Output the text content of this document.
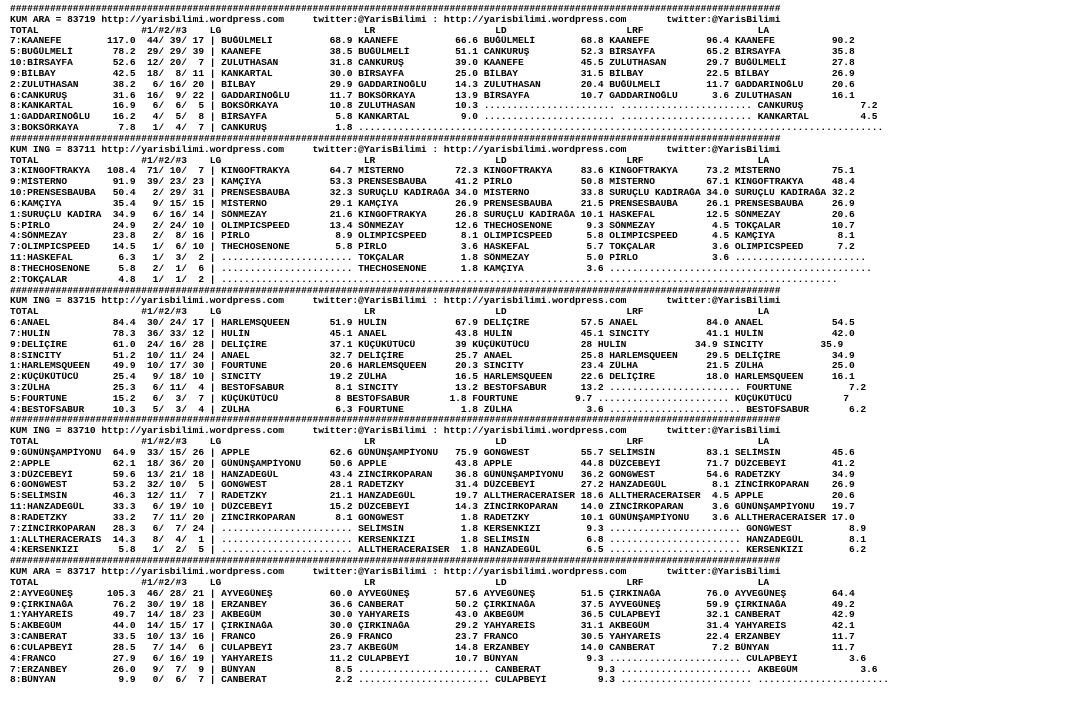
#######################################################################################################################################
KUM ARA = 83719 http://yarisbilimi.wordpress.com     twitter:@YarisBilimi : http://yarisbilimi.wordpress.com       twitter:@YarisBilimi
TOTAL                  #1/#2/#3    LG                         LR                     LD                     LRF                    LA
7:KAANEFE        117.0  44/ 39/ 17 | BUĞÜLMELİ          68.9 KAANEFE          66.6 BUĞÜLMELİ        68.8 KAANEFE          96.4 KAANEFE          90.2
5:BUĞÜLMELİ       78.2  29/ 29/ 39 | KAANEFE            38.5 BUĞÜLMELİ        51.1 CANKURUŞ         52.3 BİRSAYFA         65.2 BİRSAYFA         35.8
10:BİRSAYFA       52.6  12/ 20/  7 | ZULUTHASAN         31.8 CANKURUŞ         39.0 KAANEFE          45.5 ZULUTHASAN       29.7 BUĞÜLMELİ        27.8
9:BİLBAY          42.5  18/  8/ 11 | KANKARTAL          30.0 BİRSAYFA         25.0 BİLBAY           31.5 BİLBAY           22.5 BİLBAY           26.9
2:ZULUTHASAN      38.2   6/ 16/ 20 | BİLBAY             29.9 GADDARINOĞLU     14.3 ZULUTHASAN       20.4 BUĞÜLMELİ        11.7 GADDARINOĞLU     20.6
6:CANKURUŞ        31.6  16/  9/ 22 | GADDARINOĞLU       11.7 BOKSÖRKAYA       13.9 BİRSAYFA         10.7 GADDARINOĞLU      3.6 ZULUTHASAN       16.1
8:KANKARTAL       16.9   6/  6/  5 | BOKSÖRKAYA         10.8 ZULUTHASAN       10.3 ....................... ....................... CANKURUŞ          7.2
1:GADDARINOĞLU    16.2   4/  5/  8 | BİRSAYFA            5.8 KANKARTAL         9.0 ....................... ....................... KANKARTAL         4.5
3:BOKSÖRKAYA       7.8   1/  4/  7 | CANKURUŞ            1.8 ............................................................................................
#######################################################################################################################################
KUM ING = 83711 http://yarisbilimi.wordpress.com     twitter:@YarisBilimi : http://yarisbilimi.wordpress.com       twitter:@YarisBilimi
TOTAL                  #1/#2/#3    LG                         LR                     LD                     LRF                    LA
3:KINGOFTRAKYA   108.4  71/ 10/  7 | KINGOFTRAKYA       64.7 MİSTERNO         72.3 KINGOFTRAKYA     83.6 KINGOFTRAKYA     73.2 MİSTERNO         75.1
9:MİSTERNO        91.9  39/ 23/ 23 | KAMÇIYA            53.3 PRENSESBAUBA     41.2 PİRLO            50.8 MİSTERNO         67.1 KINGOFTRAKYA     48.4
10:PRENSESBAUBA   50.4   2/ 29/ 31 | PRENSESBAUBA       32.3 SURUÇLU KADİRAĞA 34.0 MİSTERNO         33.8 SURUÇLU KADİRAĞA 34.0 SURUÇLU KADİRAĞA 32.2
6:KAMÇIYA         35.4   9/ 15/ 15 | MİSTERNO           29.1 KAMÇIYA          26.9 PRENSESBAUBA     21.5 PRENSESBAUBA     26.1 PRENSESBAUBA     26.9
1:SURUÇLU KADİRA  34.9   6/ 16/ 14 | SÖNMEZAY           21.6 KINGOFTRAKYA     26.8 SURUÇLU KADİRAĞA 10.1 HASKEFAL         12.5 SÖNMEZAY         20.6
5:PİRLO           24.9   2/ 24/ 10 | OLIMPICSPEED       13.4 SÖNMEZAY         12.6 THECHOSENONE      9.3 SÖNMEZAY          4.5 TOKÇALAR         10.7
4:SÖNMEZAY        23.8   2/  8/ 16 | PİRLO               8.9 OLIMPICSPEED      8.1 OLIMPICSPEED      5.8 OLIMPICSPEED      4.5 KAMÇIYA           8.1
7:OLIMPICSPEED    14.5   1/  6/ 10 | THECHOSENONE        5.8 PİRLO             3.6 HASKEFAL          5.7 TOKÇALAR          3.6 OLIMPICSPEED      7.2
11:HASKEFAL        6.3   1/  3/  2 | ....................... TOKÇALAR          1.8 SÖNMEZAY          5.0 PİRLO             3.6 .......................
8:THECHOSENONE     5.8   2/  1/  6 | ....................... THECHOSENONE      1.8 KAMÇIYA           3.6 ..............................................
2:TOKÇALAR         4.8   1/  1/  2 | ............................................................................................................
#######################################################################################################################################
KUM ING = 83715 http://yarisbilimi.wordpress.com     twitter:@YarisBilimi : http://yarisbilimi.wordpress.com       twitter:@YarisBilimi
TOTAL                  #1/#2/#3    LG                         LR                     LD                     LRF                    LA
6:ANAEL           84.4  30/ 24/ 17 | HARLEMSQUEEN       51.9 HULİN            67.9 DELİÇİRE         57.5 ANAEL            84.0 ANAEL            54.5
7:HULİN           78.3  36/ 33/ 12 | HULİN              45.1 ANAEL            43.8 HULİN            45.1 SINCITY          41.1 HULİN            42.0
9:DELİÇİRE        61.0  24/ 16/ 28 | DELİÇİRE           37.1 KÜÇÜKÜTÜCÜ       39 KÜÇÜKÜTÜCÜ         28 HULİN            34.9 SINCITY          35.9
8:SINCITY         51.2  10/ 11/ 24 | ANAEL              32.7 DELİÇİRE         25.7 ANAEL            25.8 HARLEMSQUEEN     29.5 DELİÇİRE         34.9
1:HARLEMSQUEEN    49.9  10/ 17/ 30 | FOURTUNE           20.6 HARLEMSQUEEN     20.3 SINCITY          23.4 ZÜLHA            21.5 ZÜLHA            25.0
2:KÜÇÜKÜTÜCÜ      25.4   9/ 18/ 10 | SINCITY            19.2 ZÜLHA            16.5 HARLEMSQUEEN     22.6 DELİÇİRE         18.0 HARLEMSQUEEN     16.1
3:ZÜLHA           25.3   6/ 11/  4 | BESTOFSABUR         8.1 SINCITY          13.2 BESTOFSABUR      13.2 ....................... FOURTUNE          7.2
5:FOURTUNE        15.2   6/  3/  7 | KÜÇÜKÜTÜCÜ          8 BESTOFSABUR       1.8 FOURTUNE          9.7 ....................... KÜÇÜKÜTÜCÜ         7
4:BESTOFSABUR     10.3   5/  3/  4 | ZÜLHA               6.3 FOURTUNE          1.8 ZÜLHA             3.6 ....................... BESTOFSABUR       6.2
#######################################################################################################################################
KUM ING = 83710 http://yarisbilimi.wordpress.com     twitter:@YarisBilimi : http://yarisbilimi.wordpress.com       twitter:@YarisBilimi
TOTAL                  #1/#2/#3    LG                         LR                     LD                     LRF                    LA
9:GÜNÜNŞAMPİYONU  64.9  33/ 15/ 26 | APPLE              62.6 GÜNÜNŞAMPİYONU   75.9 GONGWEST         55.7 SELİMSİN         83.1 SELİMSİN         45.6
2:APPLE           62.1  18/ 36/ 20 | GÜNÜNŞAMPİYONU     50.6 APPLE            43.8 APPLE            44.8 DÜZCEBEYİ        71.7 DÜZCEBEYİ        41.2
3:DÜZCEBEYİ       59.6  13/ 21/ 18 | HANZADEGÜL         43.4 ZİNCİRKOPARAN    36.8 GÜNÜNŞAMPİYONU   36.2 GONGWEST         54.6 RADETZKY         34.9
6:GONGWEST        53.2  32/ 10/  5 | GONGWEST           28.1 RADETZKY         31.4 DÜZCEBEYİ        27.2 HANZADEGÜL        8.1 ZİNCİRKOPARAN    26.9
5:SELİMSİN        46.3  12/ 11/  7 | RADETZKY           21.1 HANZADEGÜL       19.7 ALLTHERACERAISER 18.6 ALLTHERACERAISER  4.5 APPLE            20.6
11:HANZADEGÜL     33.3   6/ 19/ 10 | DÜZCEBEYİ          15.2 DÜZCEBEYİ        14.3 ZİNCİRKOPARAN    14.0 ZİNCİRKOPARAN     3.6 GÜNÜNŞAMPİYONU   19.7
8:RADETZKY        33.2   7/ 11/ 20 | ZİNCİRKOPARAN       8.1 GONGWEST          1.8 RADETZKY         10.1 GÜNÜNŞAMPİYONU    3.6 ALLTHERACERAISER 17.0
7:ZİNCİRKOPARAN   28.3   6/  7/ 24 | ....................... SELİMSİN          1.8 KERSENKIZI        9.3 ....................... GONGWEST          8.9
1:ALLTHERACERAIS  14.3   8/  4/  1 | ....................... KERSENKIZI        1.8 SELİMSİN          6.8 ....................... HANZADEGÜL        8.1
4:KERSENKIZI       5.8   1/  2/  5 | ....................... ALLTHERACERAISER  1.8 HANZADEGÜL        6.5 ....................... KERSENKIZI        6.2
#######################################################################################################################################
KUM ARA = 83717 http://yarisbilimi.wordpress.com     twitter:@YarisBilimi : http://yarisbilimi.wordpress.com       twitter:@YarisBilimi
TOTAL                  #1/#2/#3    LG                         LR                     LD                     LRF                    LA
2:AYVEGÜNEŞ      105.3  46/ 28/ 21 | AYVEGÜNEŞ          60.0 AYVEGÜNEŞ        57.6 AYVEGÜNEŞ        51.5 ÇIRKINAĞA        76.0 AYVEGÜNEŞ        64.4
9:ÇIRKINAĞA       76.2  30/ 19/ 18 | ERZANBEY           36.6 CANBERAT         50.2 ÇIRKINAĞA        37.5 AYVEGÜNEŞ        59.9 ÇIRKINAĞA        49.2
1:YAHYAREİS       49.7  14/ 18/ 23 | AKBEGÜM            30.0 YAHYAREİS        43.0 AKBEGÜM          36.5 CULAPBEYİ        32.1 CANBERAT         42.9
5:AKBEGÜM         44.0  14/ 15/ 17 | ÇIRKINAĞA          30.0 ÇIRKINAĞA        29.2 YAHYAREİS        31.1 AKBEGÜM          31.4 YAHYAREİS        42.1
3:CANBERAT        33.5  10/ 13/ 16 | FRANCO             26.9 FRANCO           23.7 FRANCO           30.5 YAHYAREİS        22.4 ERZANBEY         11.7
6:CULAPBEYİ       28.5   7/ 14/  6 | CULAPBEYİ          23.7 AKBEGÜM          14.8 ERZANBEY         14.0 CANBERAT          7.2 BÜNYAN           11.7
4:FRANCO          27.9   6/ 16/ 19 | YAHYAREİS          11.2 CULAPBEYİ        10.7 BÜNYAN            9.3 ....................... CULAPBEYİ         3.6
7:ERZANBEY        26.0   9/  7/  9 | BÜNYAN              8.5 ....................... CANBERAT          9.3 ....................... AKBEGÜM           3.6
8:BÜNYAN           9.9   0/  6/  7 | CANBERAT            2.2 ....................... CULAPBEYİ         9.3 ....................... .......................
